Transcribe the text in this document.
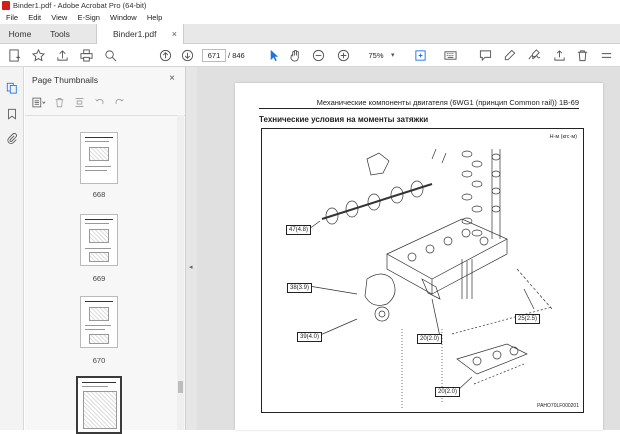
Binder1.pdf - Adobe Acrobat Pro (64-bit)
File Edit View E-Sign Window Help
Home	Tools	Binder1.pdf ×
671	/ 846	75%	▾
Page Thumbnails	×
668
669
670
◂
Механические компоненты двигателя (6WG1 (принцип Common rail)) 1В-69
Технические условия на моменты затяжки
Н·м (кгс·м)
47(4.8)
38(3.9)
39(4.0)	20(2.0)
25(2.5)
20(2.0)
РАНО70LF000201
